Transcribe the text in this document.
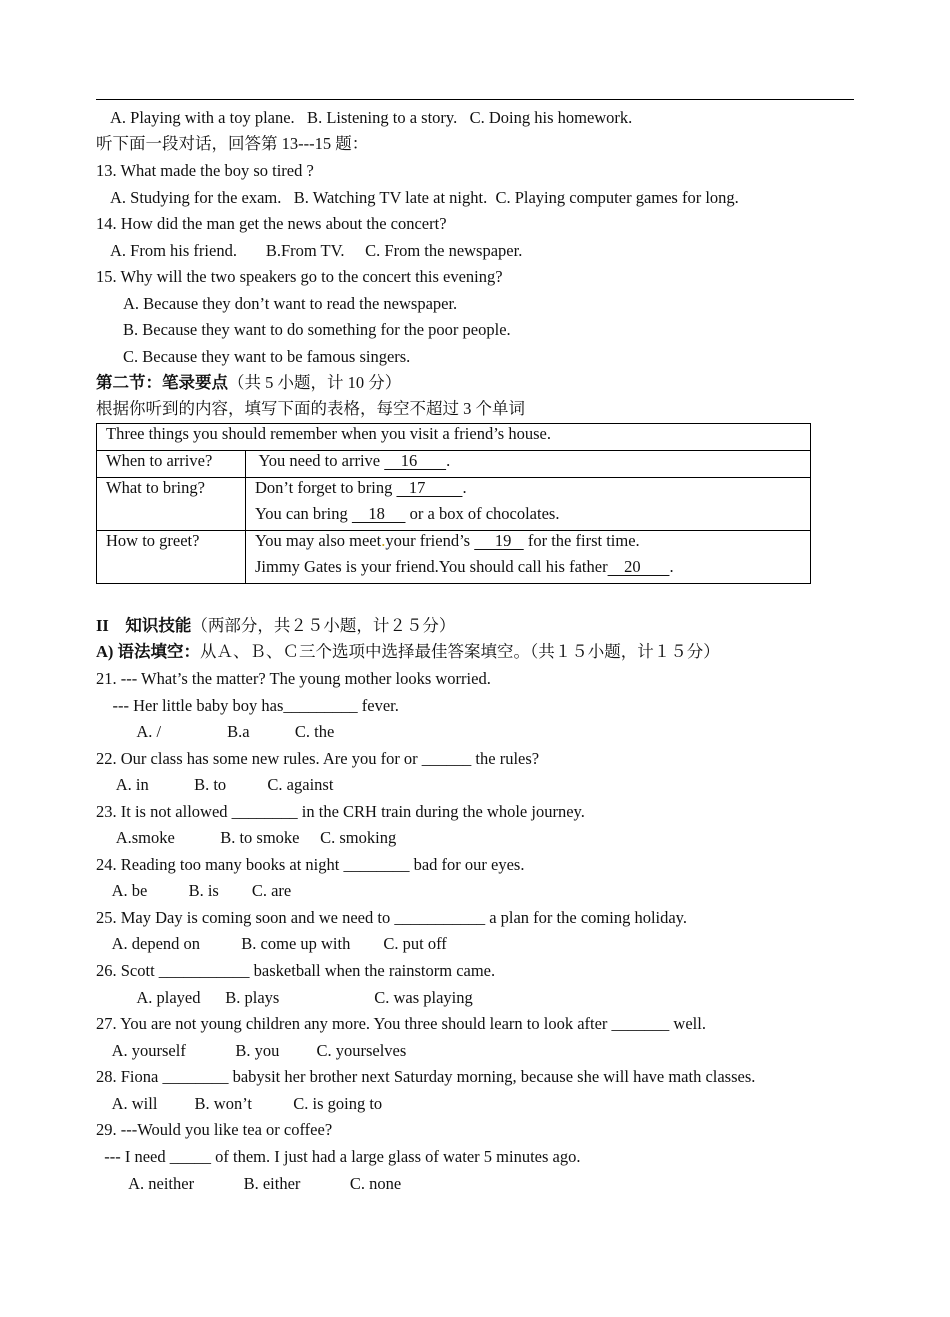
A. Playing with a toy plane.   B. Listening to a story.   C. Doing his homework.
听下面一段对话，回答第 13---15 题：
13. What made the boy so tired ?
A. Studying for the exam.   B. Watching TV late at night.  C. Playing computer games for long.
14. How did the man get the news about the concert?
A. From his friend.       B.From TV.     C. From the newspaper.
15. Why will the two speakers go to the concert this evening?
A. Because they don’t want to read the newspaper.
B. Because they want to do something for the poor people.
C. Because they want to be famous singers.
第二节：笔录要点（共 5 小题，计 10 分）
根据你听到的内容，填写下面的表格，每空不超过 3 个单词
Three things you should remember when you visit a friend’s house.	
When to arrive?	You need to arrive     16       .
What to bring?	Don’t forget to bring    17         .
You can bring     18      or a box of chocolates.

How to greet?	You may also meet.your friend’s      19    for the first time.
Jimmy Gates is your friend.You should call his father    20       .
II 知识技能（两部分，共２５小题，计２５分）
A) 语法填空：从Ａ、Ｂ、Ｃ三个选项中选择最佳答案填空。（共１５小题，计１５分）
21. --- What’s the matter? The young mother looks worried.
--- Her little baby boy has_________ fever.
A. /                B.a           C. the
22. Our class has some new rules. Are you for or ______ the rules?
A. in           B. to          C. against
23. It is not allowed ________ in the CRH train during the whole journey.
A.smoke           B. to smoke     C. smoking
24. Reading too many books at night ________ bad for our eyes.
A. be          B. is        C. are
25. May Day is coming soon and we need to ___________ a plan for the coming holiday.
A. depend on          B. come up with        C. put off
26. Scott ___________ basketball when the rainstorm came.
A. played      B. plays                       C. was playing
27. You are not young children any more. You three should learn to look after _______ well.
A. yourself            B. you         C. yourselves
28. Fiona ________ babysit her brother next Saturday morning, because she will have math classes.
A. will         B. won’t          C. is going to
29. ---Would you like tea or coffee?
--- I need _____ of them. I just had a large glass of water 5 minutes ago.
A. neither            B. either            C. none
